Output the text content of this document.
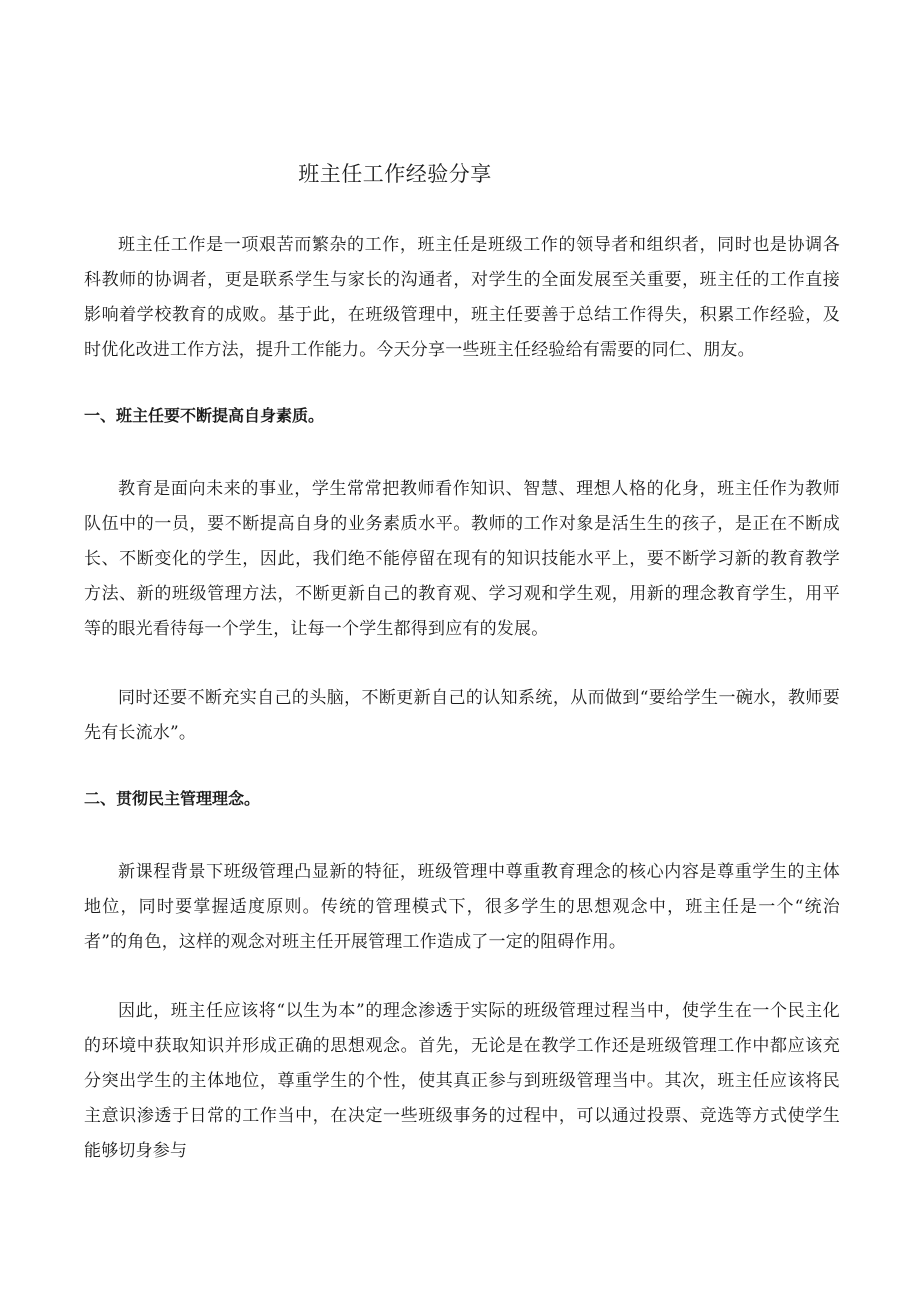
班主任工作经验分享

班主任工作是一项艰苦而繁杂的工作，班主任是班级工作的领导者和组织者，同时也是协调各科教师的协调者，更是联系学生与家长的沟通者，对学生的全面发展至关重要，班主任的工作直接影响着学校教育的成败。基于此，在班级管理中，班主任要善于总结工作得失，积累工作经验，及时优化改进工作方法，提升工作能力。今天分享一些班主任经验给有需要的同仁、朋友。

一、班主任要不断提高自身素质。

教育是面向未来的事业，学生常常把教师看作知识、智慧、理想人格的化身，班主任作为教师队伍中的一员，要不断提高自身的业务素质水平。教师的工作对象是活生生的孩子，是正在不断成长、不断变化的学生，因此，我们绝不能停留在现有的知识技能水平上，要不断学习新的教育教学方法、新的班级管理方法，不断更新自己的教育观、学习观和学生观，用新的理念教育学生，用平等的眼光看待每一个学生，让每一个学生都得到应有的发展。

同时还要不断充实自己的头脑，不断更新自己的认知系统，从而做到“要给学生一碗水，教师要先有长流水”。

二、贯彻民主管理理念。

新课程背景下班级管理凸显新的特征，班级管理中尊重教育理念的核心内容是尊重学生的主体地位，同时要掌握适度原则。传统的管理模式下，很多学生的思想观念中，班主任是一个“统治者”的角色，这样的观念对班主任开展管理工作造成了一定的阻碍作用。

因此，班主任应该将“以生为本”的理念渗透于实际的班级管理过程当中，使学生在一个民主化的环境中获取知识并形成正确的思想观念。首先，无论是在教学工作还是班级管理工作中都应该充分突出学生的主体地位，尊重学生的个性，使其真正参与到班级管理当中。其次，班主任应该将民主意识渗透于日常的工作当中，在决定一些班级事务的过程中，可以通过投票、竞选等方式使学生能够切身参与
